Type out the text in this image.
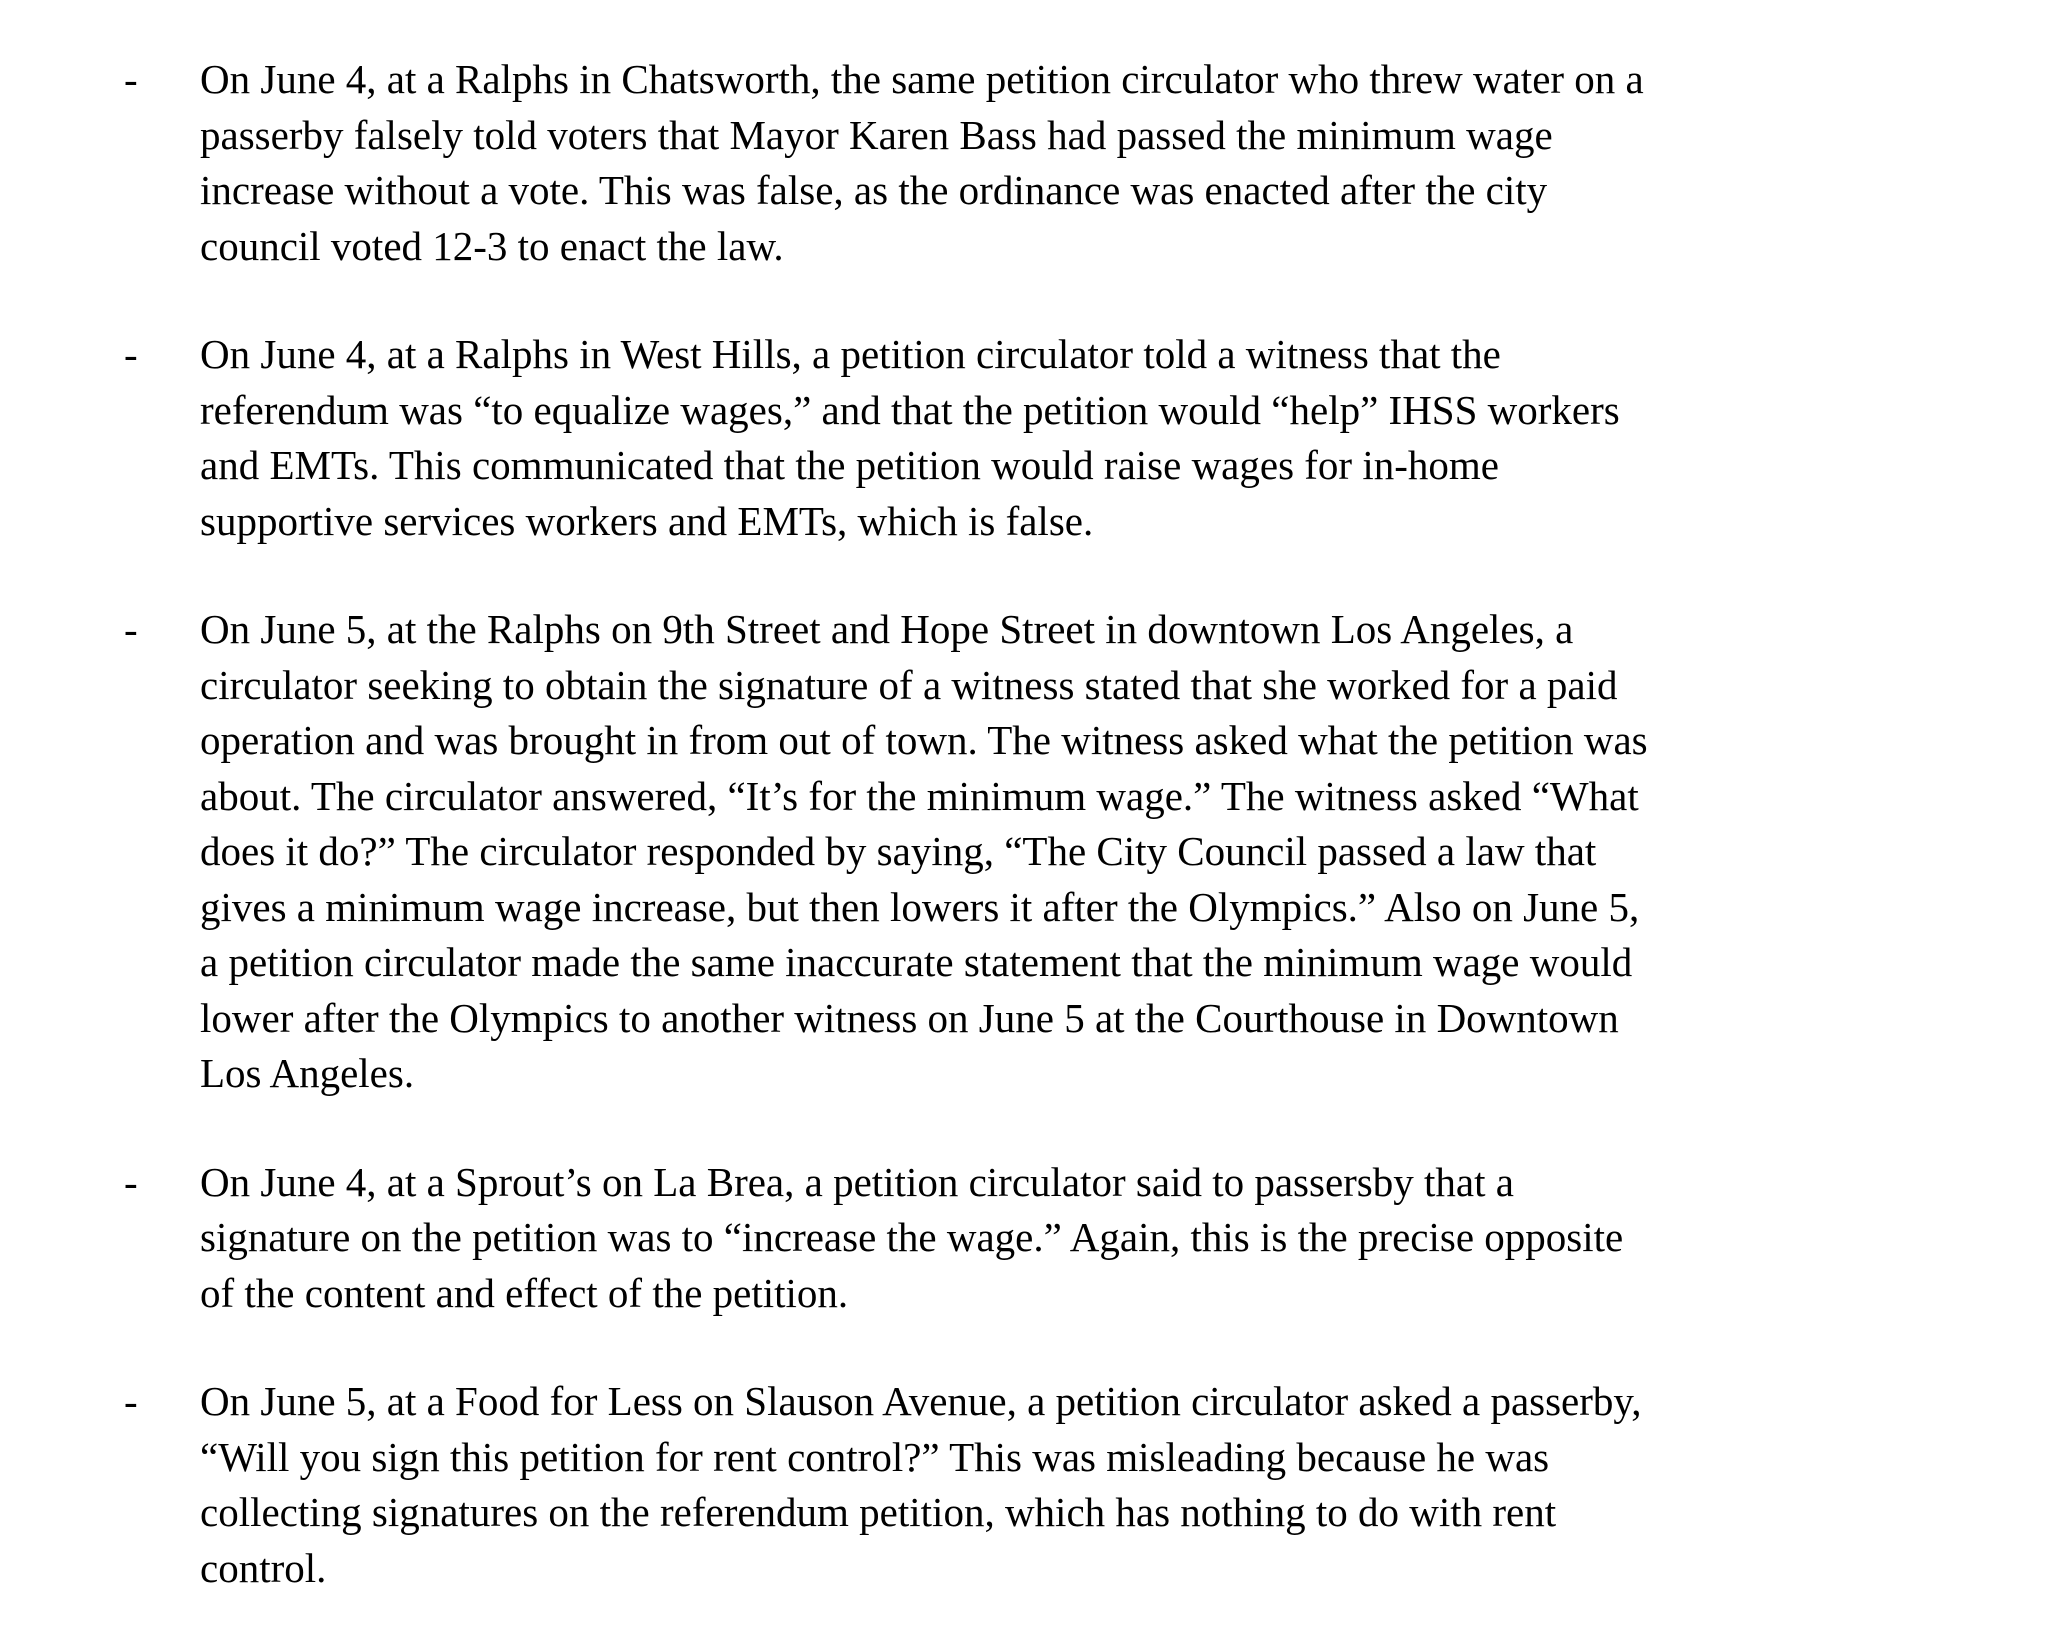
- On June 4, at a Ralphs in Chatsworth, the same petition circulator who threw water on a
passerby falsely told voters that Mayor Karen Bass had passed the minimum wage
increase without a vote. This was false, as the ordinance was enacted after the city
council voted 12-3 to enact the law.

- On June 4, at a Ralphs in West Hills, a petition circulator told a witness that the
referendum was “to equalize wages,” and that the petition would “help” IHSS workers
and EMTs. This communicated that the petition would raise wages for in-home
supportive services workers and EMTs, which is false.

- On June 5, at the Ralphs on 9th Street and Hope Street in downtown Los Angeles, a
circulator seeking to obtain the signature of a witness stated that she worked for a paid
operation and was brought in from out of town. The witness asked what the petition was
about. The circulator answered, “It’s for the minimum wage.” The witness asked “What
does it do?” The circulator responded by saying, “The City Council passed a law that
gives a minimum wage increase, but then lowers it after the Olympics.” Also on June 5,
a petition circulator made the same inaccurate statement that the minimum wage would
lower after the Olympics to another witness on June 5 at the Courthouse in Downtown
Los Angeles.

- On June 4, at a Sprout’s on La Brea, a petition circulator said to passersby that a
signature on the petition was to “increase the wage.” Again, this is the precise opposite
of the content and effect of the petition.

- On June 5, at a Food for Less on Slauson Avenue, a petition circulator asked a passerby,
“Will you sign this petition for rent control?” This was misleading because he was
collecting signatures on the referendum petition, which has nothing to do with rent
control.
